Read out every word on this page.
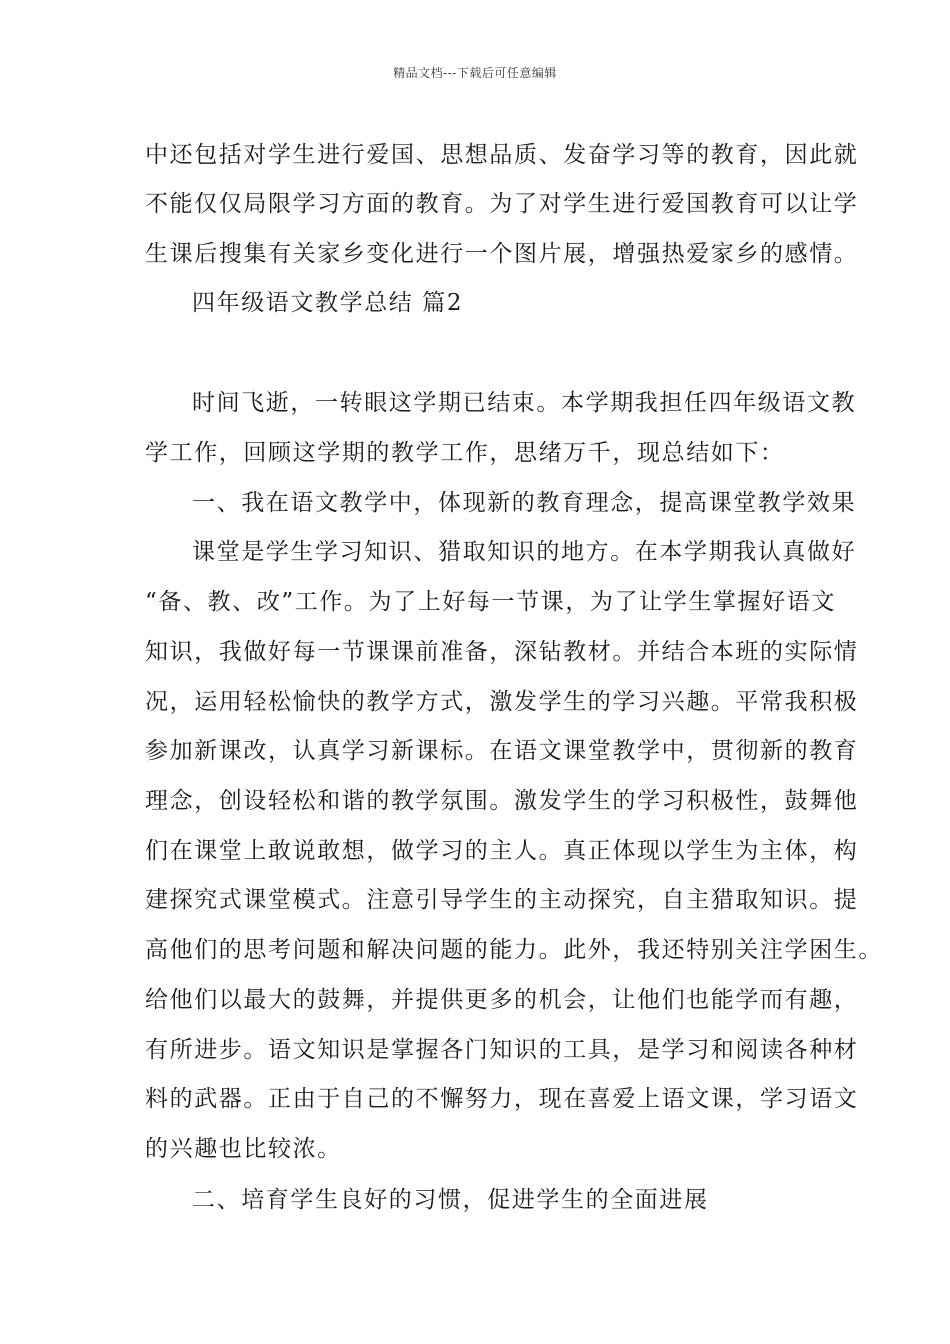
精品文档---下载后可任意编辑
中还包括对学生进行爱国、思想品质、发奋学习等的教育，因此就
不能仅仅局限学习方面的教育。为了对学生进行爱国教育可以让学
生课后搜集有关家乡变化进行一个图片展，增强热爱家乡的感情。
四年级语文教学总结 篇2
时间飞逝，一转眼这学期已结束。本学期我担任四年级语文教
学工作，回顾这学期的教学工作，思绪万千，现总结如下：
一、我在语文教学中，体现新的教育理念，提高课堂教学效果
课堂是学生学习知识、猎取知识的地方。在本学期我认真做好
“备、教、改”工作。为了上好每一节课，为了让学生掌握好语文
知识，我做好每一节课课前准备，深钻教材。并结合本班的实际情
况，运用轻松愉快的教学方式，激发学生的学习兴趣。平常我积极
参加新课改，认真学习新课标。在语文课堂教学中，贯彻新的教育
理念，创设轻松和谐的教学氛围。激发学生的学习积极性，鼓舞他
们在课堂上敢说敢想，做学习的主人。真正体现以学生为主体，构
建探究式课堂模式。注意引导学生的主动探究，自主猎取知识。提
高他们的思考问题和解决问题的能力。此外，我还特别关注学困生。
给他们以最大的鼓舞，并提供更多的机会，让他们也能学而有趣，
有所进步。语文知识是掌握各门知识的工具，是学习和阅读各种材
料的武器。正由于自己的不懈努力，现在喜爱上语文课，学习语文
的兴趣也比较浓。
二、培育学生良好的习惯，促进学生的全面进展
